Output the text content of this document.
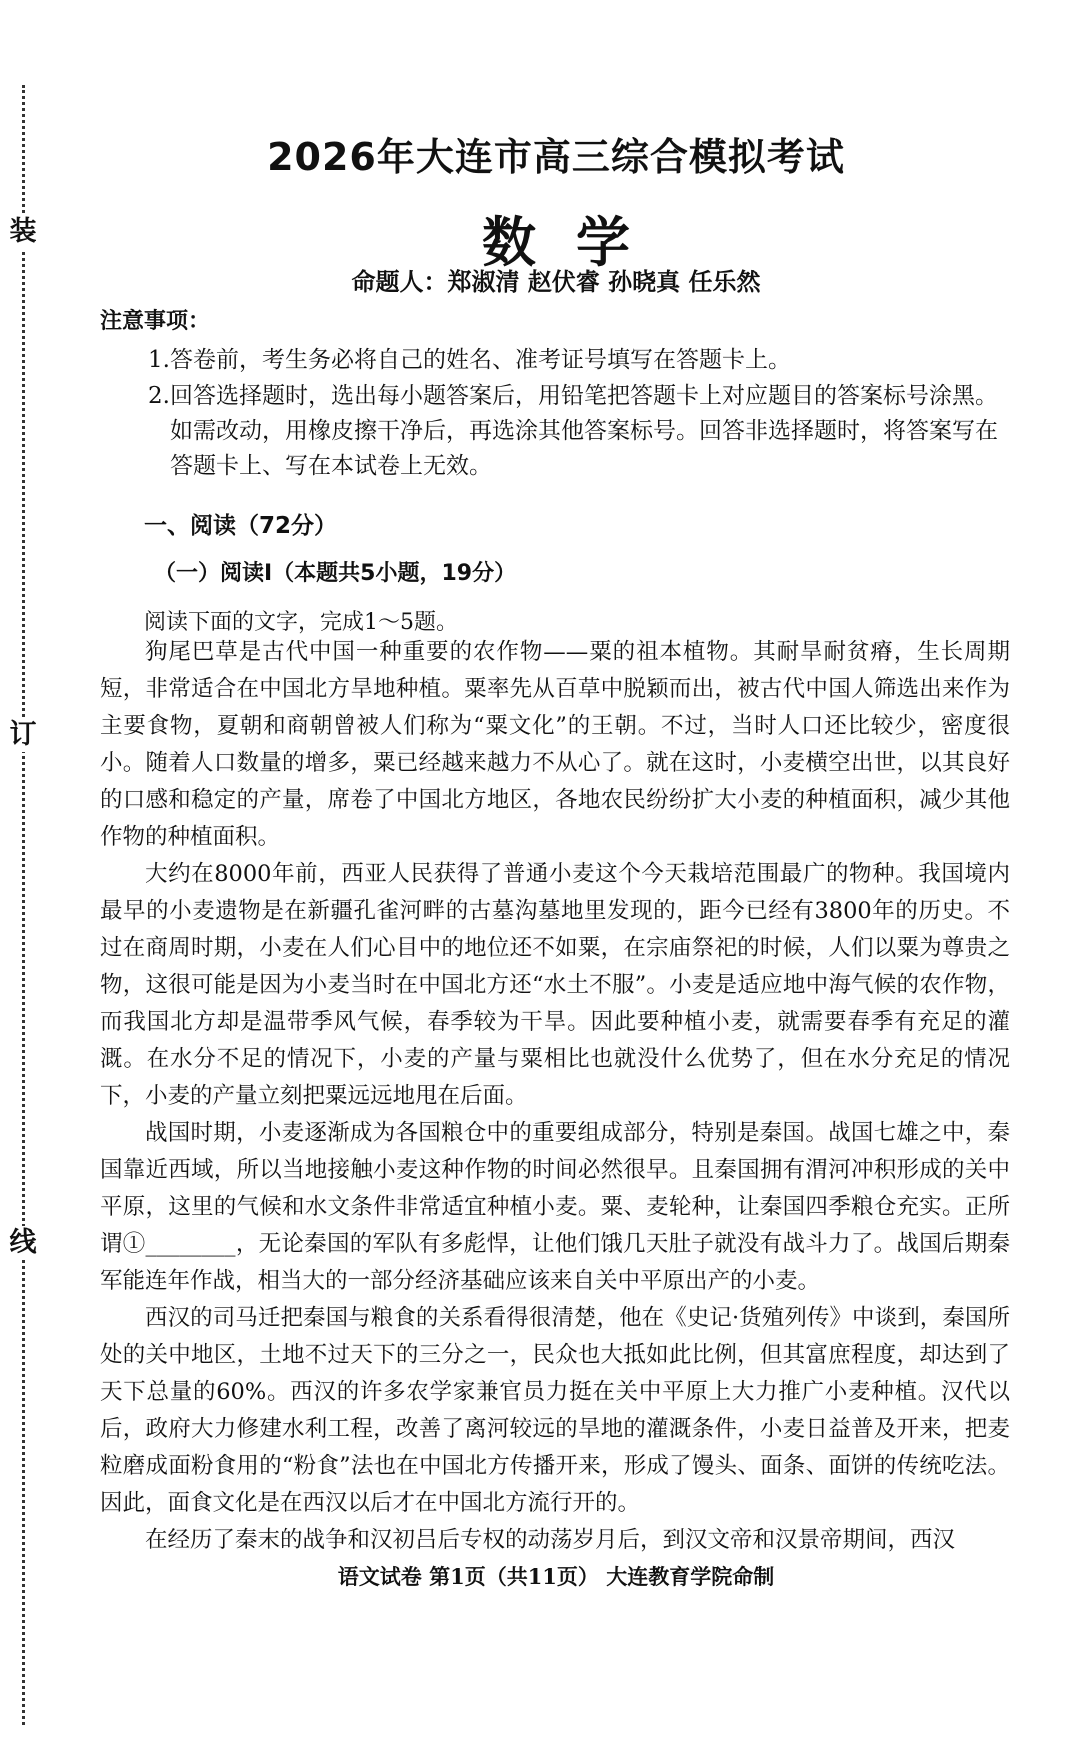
装
订
线
2026年大连市高三综合模拟考试
数学
命题人：郑淑清 赵伏睿 孙晓真 任乐然
注意事项：
1.答卷前，考生务必将自己的姓名、准考证号填写在答题卡上。
2.回答选择题时，选出每小题答案后，用铅笔把答题卡上对应题目的答案标号涂黑。如需改动，用橡皮擦干净后，再选涂其他答案标号。回答非选择题时，将答案写在答题卡上、写在本试卷上无效。
一、阅读（72分）
（一）阅读Ⅰ（本题共5小题，19分）
阅读下面的文字，完成1～5题。

狗尾巴草是古代中国一种重要的农作物——粟的祖本植物。其耐旱耐贫瘠，生长周期短，非常适合在中国北方旱地种植。粟率先从百草中脱颖而出，被古代中国人筛选出来作为主要食物，夏朝和商朝曾被人们称为“粟文化”的王朝。不过，当时人口还比较少，密度很小。随着人口数量的增多，粟已经越来越力不从心了。就在这时，小麦横空出世，以其良好的口感和稳定的产量，席卷了中国北方地区，各地农民纷纷扩大小麦的种植面积，减少其他作物的种植面积。

大约在8000年前，西亚人民获得了普通小麦这个今天栽培范围最广的物种。我国境内最早的小麦遗物是在新疆孔雀河畔的古墓沟墓地里发现的，距今已经有3800年的历史。不过在商周时期，小麦在人们心目中的地位还不如粟，在宗庙祭祀的时候，人们以粟为尊贵之物，这很可能是因为小麦当时在中国北方还“水土不服”。小麦是适应地中海气候的农作物，而我国北方却是温带季风气候，春季较为干旱。因此要种植小麦，就需要春季有充足的灌溉。在水分不足的情况下，小麦的产量与粟相比也就没什么优势了，但在水分充足的情况下，小麦的产量立刻把粟远远地甩在后面。

战国时期，小麦逐渐成为各国粮仓中的重要组成部分，特别是秦国。战国七雄之中，秦国靠近西域，所以当地接触小麦这种作物的时间必然很早。且秦国拥有渭河冲积形成的关中平原，这里的气候和水文条件非常适宜种植小麦。粟、麦轮种，让秦国四季粮仓充实。正所谓①________，无论秦国的军队有多彪悍，让他们饿几天肚子就没有战斗力了。战国后期秦军能连年作战，相当大的一部分经济基础应该来自关中平原出产的小麦。

西汉的司马迁把秦国与粮食的关系看得很清楚，他在《史记·货殖列传》中谈到，秦国所处的关中地区，土地不过天下的三分之一，民众也大抵如此比例，但其富庶程度，却达到了天下总量的60%。西汉的许多农学家兼官员力挺在关中平原上大力推广小麦种植。汉代以后，政府大力修建水利工程，改善了离河较远的旱地的灌溉条件，小麦日益普及开来，把麦粒磨成面粉食用的“粉食”法也在中国北方传播开来，形成了馒头、面条、面饼的传统吃法。因此，面食文化是在西汉以后才在中国北方流行开的。

在经历了秦末的战争和汉初吕后专权的动荡岁月后，到汉文帝和汉景帝期间，西汉

语文试卷 第1页（共11页） 大连教育学院命制
